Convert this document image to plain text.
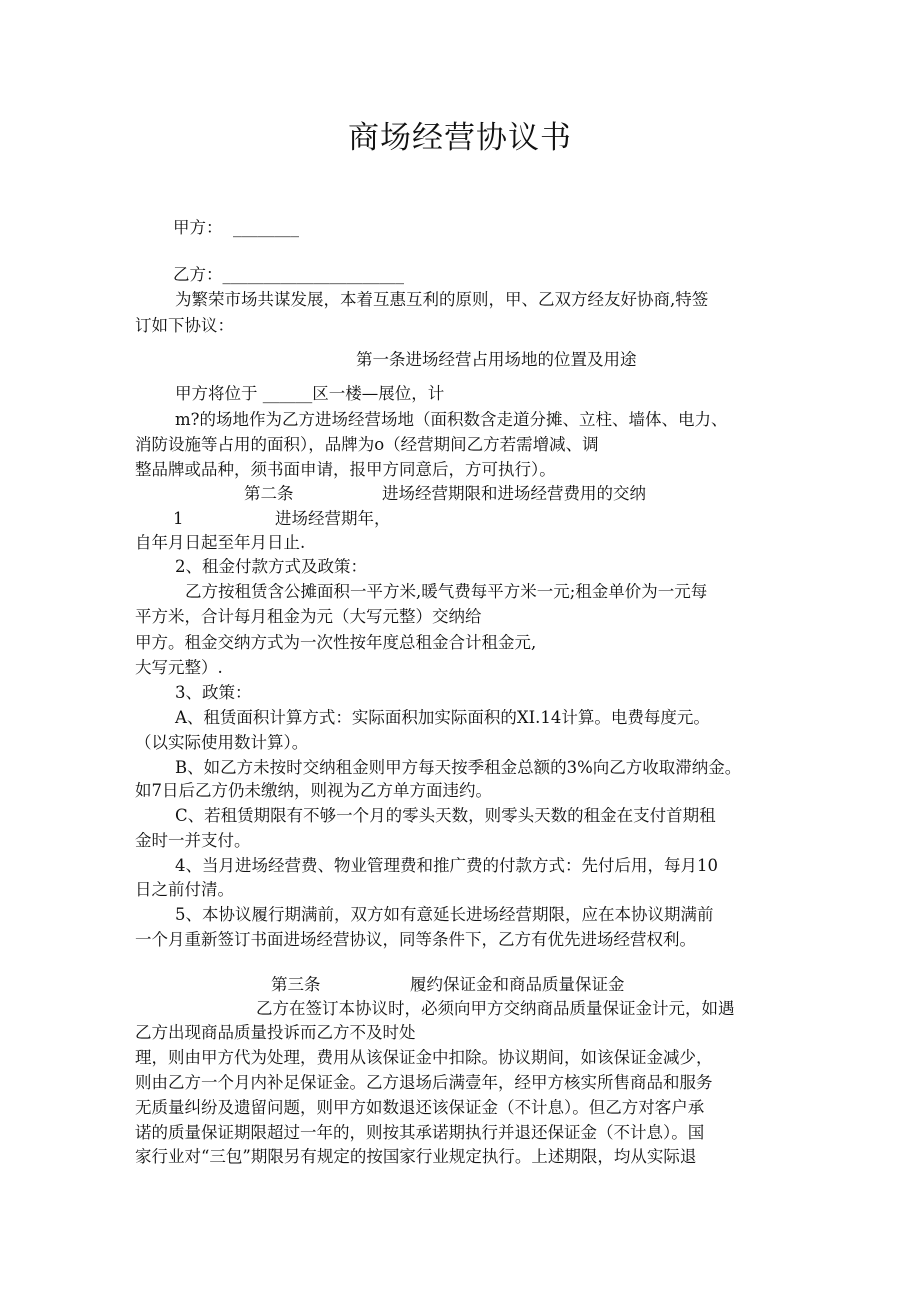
商场经营协议书
甲方：  ________
乙方：______________________
为繁荣市场共谋发展，本着互惠互利的原则，甲、乙双方经友好协商,特签
订如下协议：
第一条进场经营占用场地的位置及用途
甲方将位于 ______区一楼—展位，计
m?的场地作为乙方进场经营场地（面积数含走道分摊、立柱、墙体、电力、
消防设施等占用的面积），品牌为o（经营期间乙方若需增减、调
整品牌或品种，须书面申请，报甲方同意后，方可执行）。
第二条	进场经营期限和进场经营费用的交纳
1	进场经营期年，
自年月日起至年月日止.
2、租金付款方式及政策：
乙方按租赁含公摊面积一平方米,暖气费每平方米一元;租金单价为一元每
平方米，合计每月租金为元（大写元整）交纳给
甲方。租金交纳方式为一次性按年度总租金合计租金元,
大写元整）.
3、政策：
A、租赁面积计算方式：实际面积加实际面积的XI.14计算。电费每度元。
（以实际使用数计算）。
B、如乙方未按时交纳租金则甲方每天按季租金总额的3%向乙方收取滞纳金。
如7日后乙方仍未缴纳，则视为乙方单方面违约。
C、若租赁期限有不够一个月的零头天数，则零头天数的租金在支付首期租
金时一并支付。
4、当月进场经营费、物业管理费和推广费的付款方式：先付后用，每月10
日之前付清。
5、本协议履行期满前，双方如有意延长进场经营期限，应在本协议期满前
一个月重新签订书面进场经营协议，同等条件下，乙方有优先进场经营权利。
第三条	履约保证金和商品质量保证金
乙方在签订本协议时，必须向甲方交纳商品质量保证金计元，如遇
乙方出现商品质量投诉而乙方不及时处
理，则由甲方代为处理，费用从该保证金中扣除。协议期间，如该保证金减少，
则由乙方一个月内补足保证金。乙方退场后满壹年，经甲方核实所售商品和服务
无质量纠纷及遗留问题，则甲方如数退还该保证金（不计息）。但乙方对客户承
诺的质量保证期限超过一年的，则按其承诺期执行并退还保证金（不计息）。国
家行业对“三包”期限另有规定的按国家行业规定执行。上述期限，均从实际退
